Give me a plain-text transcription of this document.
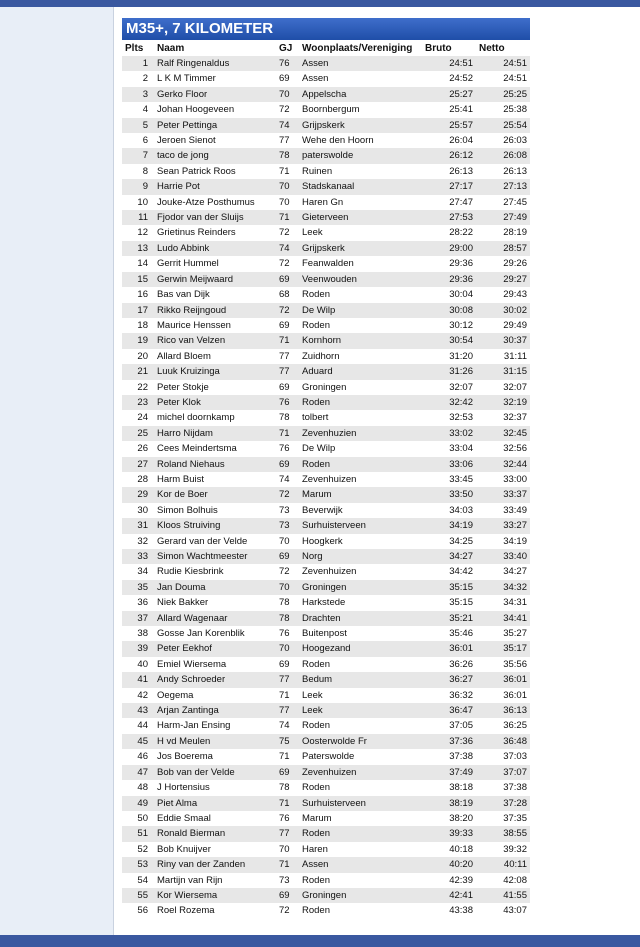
M35+, 7 KILOMETER
Plts	Naam	GJ	Woonplaats/Vereniging	Bruto	Netto
1	Ralf Ringenaldus	76	Assen	24:51	24:51
2	L K M Timmer	69	Assen	24:52	24:51
3	Gerko Floor	70	Appelscha	25:27	25:25
4	Johan Hoogeveen	72	Boornbergum	25:41	25:38
5	Peter Pettinga	74	Grijpskerk	25:57	25:54
6	Jeroen Sienot	77	Wehe den Hoorn	26:04	26:03
7	taco de jong	78	paterswolde	26:12	26:08
8	Sean Patrick Roos	71	Ruinen	26:13	26:13
9	Harrie Pot	70	Stadskanaal	27:17	27:13
10	Jouke-Atze Posthumus	70	Haren Gn	27:47	27:45
11	Fjodor van der Sluijs	71	Gieterveen	27:53	27:49
12	Grietinus Reinders	72	Leek	28:22	28:19
13	Ludo Abbink	74	Grijpskerk	29:00	28:57
14	Gerrit Hummel	72	Feanwalden	29:36	29:26
15	Gerwin Meijwaard	69	Veenwouden	29:36	29:27
16	Bas van Dijk	68	Roden	30:04	29:43
17	Rikko Reijngoud	72	De Wilp	30:08	30:02
18	Maurice Henssen	69	Roden	30:12	29:49
19	Rico van Velzen	71	Kornhorn	30:54	30:37
20	Allard Bloem	77	Zuidhorn	31:20	31:11
21	Luuk Kruizinga	77	Aduard	31:26	31:15
22	Peter Stokje	69	Groningen	32:07	32:07
23	Peter Klok	76	Roden	32:42	32:19
24	michel doornkamp	78	tolbert	32:53	32:37
25	Harro Nijdam	71	Zevenhuzien	33:02	32:45
26	Cees Meindertsma	76	De Wilp	33:04	32:56
27	Roland Niehaus	69	Roden	33:06	32:44
28	Harm Buist	74	Zevenhuizen	33:45	33:00
29	Kor de Boer	72	Marum	33:50	33:37
30	Simon Bolhuis	73	Beverwijk	34:03	33:49
31	Kloos Struiving	73	Surhuisterveen	34:19	33:27
32	Gerard van der Velde	70	Hoogkerk	34:25	34:19
33	Simon Wachtmeester	69	Norg	34:27	33:40
34	Rudie Kiesbrink	72	Zevenhuizen	34:42	34:27
35	Jan Douma	70	Groningen	35:15	34:32
36	Niek Bakker	78	Harkstede	35:15	34:31
37	Allard Wagenaar	78	Drachten	35:21	34:41
38	Gosse Jan Korenblik	76	Buitenpost	35:46	35:27
39	Peter Eekhof	70	Hoogezand	36:01	35:17
40	Emiel Wiersema	69	Roden	36:26	35:56
41	Andy Schroeder	77	Bedum	36:27	36:01
42	Oegema	71	Leek	36:32	36:01
43	Arjan Zantinga	77	Leek	36:47	36:13
44	Harm-Jan Ensing	74	Roden	37:05	36:25
45	H vd Meulen	75	Oosterwolde Fr	37:36	36:48
46	Jos Boerema	71	Paterswolde	37:38	37:03
47	Bob van der Velde	69	Zevenhuizen	37:49	37:07
48	J Hortensius	78	Roden	38:18	37:38
49	Piet Alma	71	Surhuisterveen	38:19	37:28
50	Eddie Smaal	76	Marum	38:20	37:35
51	Ronald Bierman	77	Roden	39:33	38:55
52	Bob Knuijver	70	Haren	40:18	39:32
53	Riny van der Zanden	71	Assen	40:20	40:11
54	Martijn van Rijn	73	Roden	42:39	42:08
55	Kor Wiersema	69	Groningen	42:41	41:55
56	Roel Rozema	72	Roden	43:38	43:07
